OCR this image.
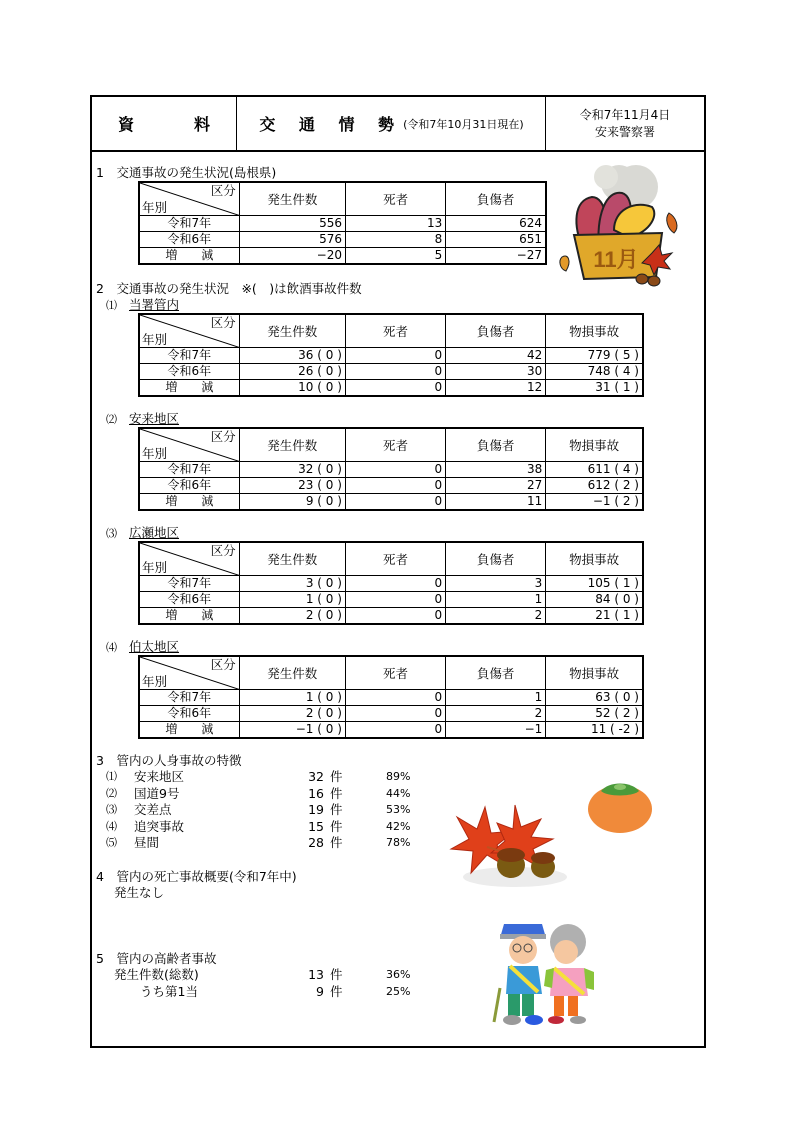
資　料	交 通 情 勢 (令和7年10月31日現在)
令和7年11月4日
安来警察署
1　交通事故の発生状況(島根県)
区分
年別	発生件数	死者	負傷者
令和7年	556	13	624
令和6年	576	8	651
増　　減	−20	5	−27 11月
2　交通事故の発生状況　※(　)は飲酒事故件数
⑴ 当署管内
区分
年別	発生件数	死者	負傷者	物損事故
令和7年	36 ( 0 )	0	42	779 ( 5 )
令和6年	26 ( 0 )	0	30	748 ( 4 )
増　　減	10 ( 0 )	0	12	31 ( 1 )
⑵ 安来地区
区分
年別	発生件数	死者	負傷者	物損事故
令和7年	32 ( 0 )	0	38	611 ( 4 )
令和6年	23 ( 0 )	0	27	612 ( 2 )
増　　減	9 ( 0 )	0	11	−1 ( 2 )
⑶ 広瀬地区
区分
年別	発生件数	死者	負傷者	物損事故
令和7年	3 ( 0 )	0	3	105 ( 1 )
令和6年	1 ( 0 )	0	1	84 ( 0 )
増　　減	2 ( 0 )	0	2	21 ( 1 )
⑷ 伯太地区
区分
年別	発生件数	死者	負傷者	物損事故
令和7年	1 ( 0 )	0	1	63 ( 0 )
令和6年	2 ( 0 )	0	2	52 ( 2 )
増　　減	−1 ( 0 )	0	−1	11 ( -2 )
3　管内の人身事故の特徴
⑴ 安来地区	32 件	89%
⑵ 国道9号	16 件	44%
⑶ 交差点	19 件	53%
⑷ 追突事故	15 件	42%
⑸ 昼間	28 件	78%
4　管内の死亡事故概要(令和7年中)
発生なし
5　管内の高齢者事故
発生件数(総数)	13 件	36%
うち第1当	9 件	25%
